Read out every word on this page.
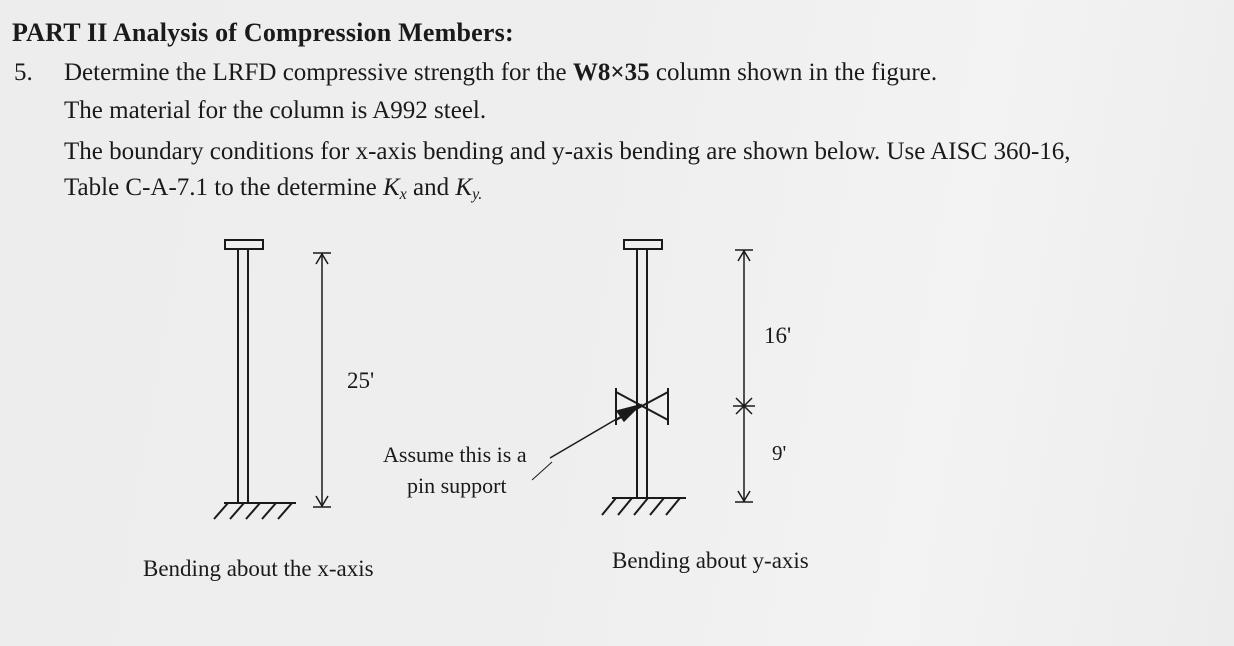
PART II Analysis of Compression Members:
5. Determine the LRFD compressive strength for the W8×35 column shown in the figure.
The material for the column is A992 steel.
The boundary conditions for x-axis bending and y-axis bending are shown below. Use AISC 360-16,
Table C-A-7.1 to the determine $K_x$ and $K_{y.}$
25'
16'
9'
Assume this is a
pin support
Bending about the x-axis	Bending about y-axis
